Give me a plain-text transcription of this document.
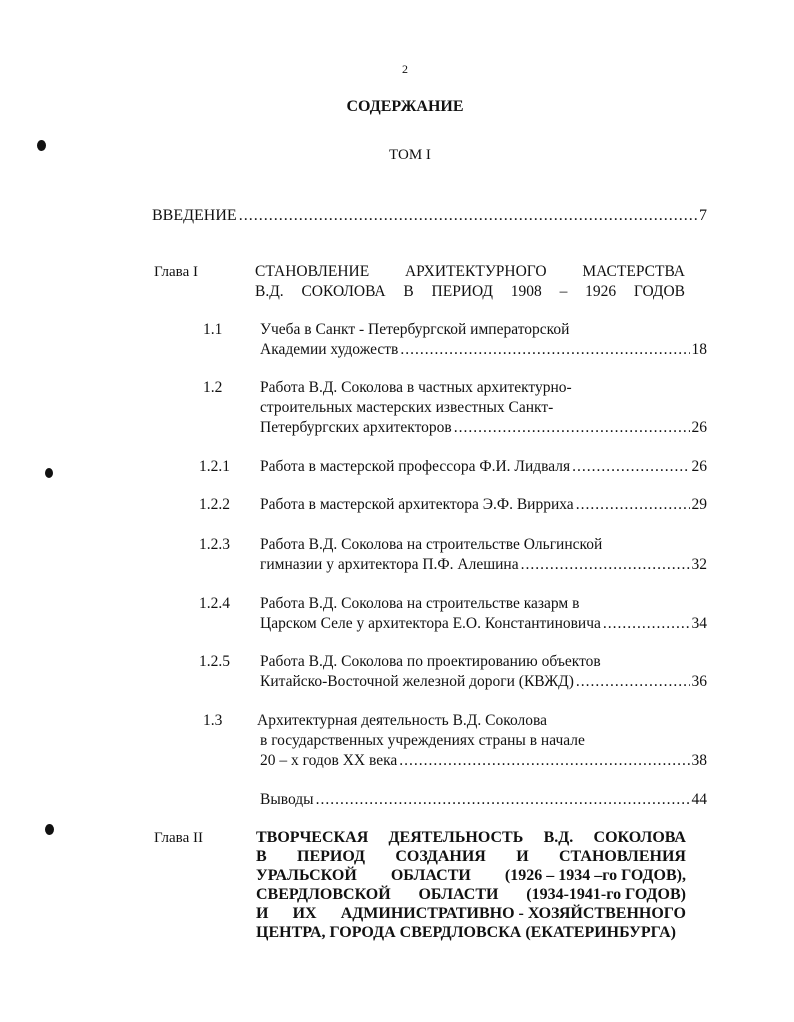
2
СОДЕРЖАНИЕ
ТОМ I
ВВЕДЕНИЕ .....	7
Глава I	СТАНОВЛЕНИЕ АРХИТЕКТУРНОГО МАСТЕРСТВА
В.Д. СОКОЛОВА В ПЕРИОД 1908 – 1926 ГОДОВ
1.1 Учеба в Санкт - Петербургской императорской
Академии художеств .....	18
1.2 Работа В.Д. Соколова в частных архитектурно-
строительных мастерских известных Санкт-
Петербургских архитекторов .....	26
1.2.1 Работа в мастерской профессора Ф.И. Лидваля .....	26
1.2.2 Работа в мастерской архитектора Э.Ф. Вирриха .....	29
1.2.3 Работа В.Д. Соколова на строительстве Ольгинской
гимназии у архитектора П.Ф. Алешина .....	32
1.2.4 Работа В.Д. Соколова на строительстве казарм в
Царском Селе у архитектора Е.О. Константиновича .....	34
1.2.5 Работа В.Д. Соколова по проектированию объектов
Китайско-Восточной железной дороги (КВЖД) .....	36
1.3 Архитектурная деятельность В.Д. Соколова
в государственных учреждениях страны в начале
20 – х годов XX века .....	38
Выводы .....	44
Глава II	ТВОРЧЕСКАЯ ДЕЯТЕЛЬНОСТЬ В.Д. СОКОЛОВА
В ПЕРИОД СОЗДАНИЯ И СТАНОВЛЕНИЯ
УРАЛЬСКОЙ ОБЛАСТИ (1926 – 1934 –го ГОДОВ),
СВЕРДЛОВСКОЙ ОБЛАСТИ (1934-1941-го ГОДОВ)
И ИХ АДМИНИСТРАТИВНО - ХОЗЯЙСТВЕННОГО
ЦЕНТРА, ГОРОДА СВЕРДЛОВСКА (ЕКАТЕРИНБУРГА)
